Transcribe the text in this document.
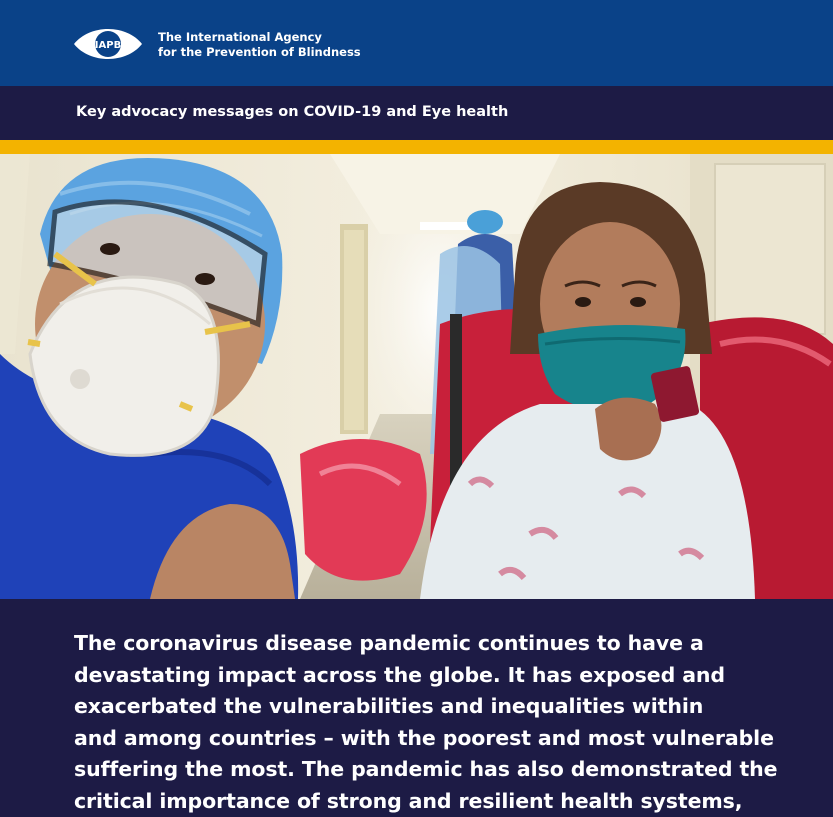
IAPB
The International Agency
for the Prevention of Blindness
Key advocacy messages on COVID-19 and Eye health
The coronavirus disease pandemic continues to have a
devastating impact across the globe. It has exposed and
exacerbated the vulnerabilities and inequalities within
and among countries – with the poorest and most vulnerable
suffering the most. The pandemic has also demonstrated the
critical importance of strong and resilient health systems,
